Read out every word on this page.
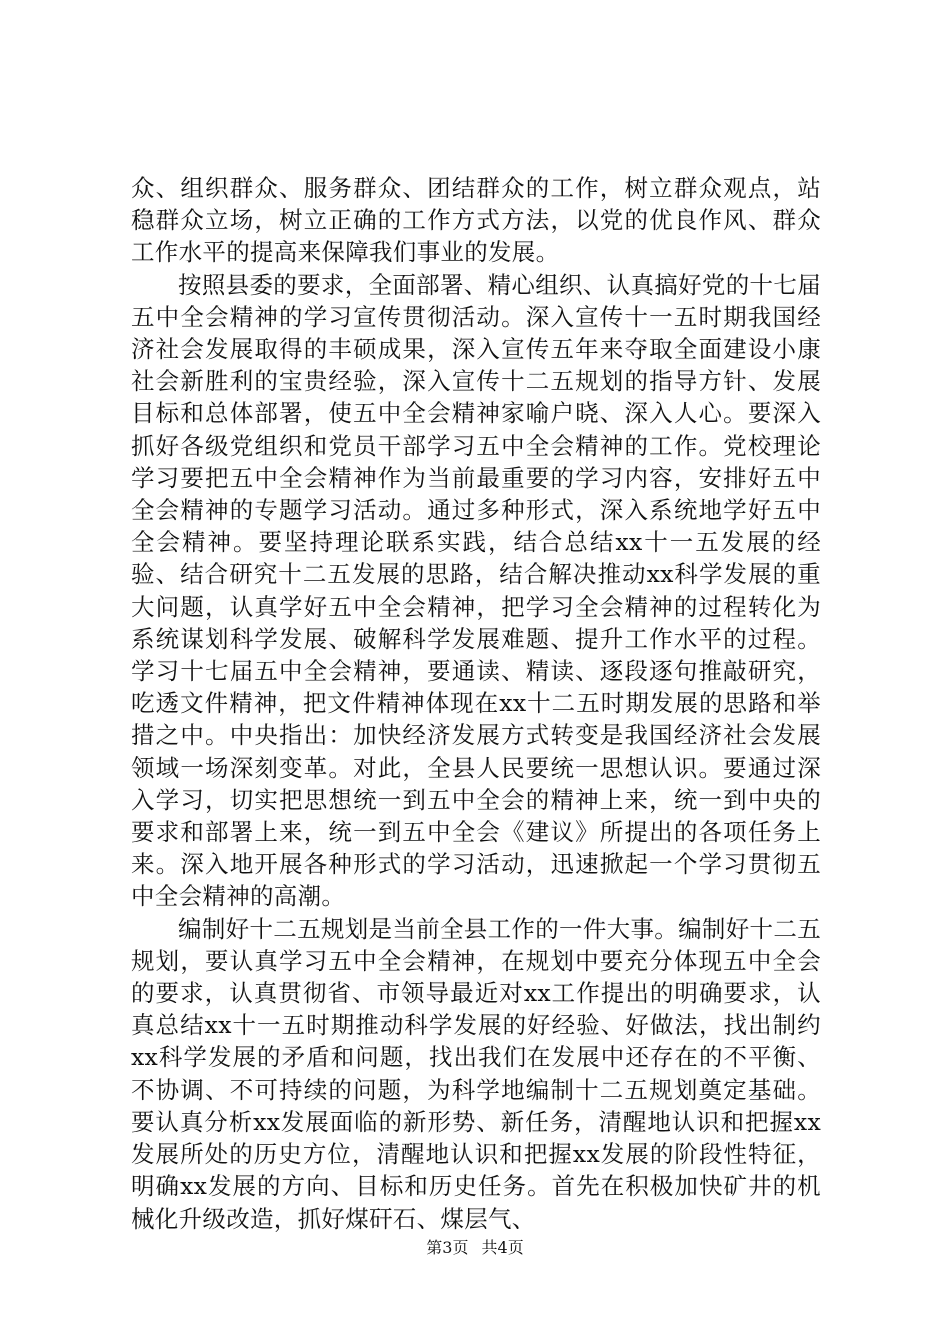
众、组织群众、服务群众、团结群众的工作，树立群众观点，站稳群众立场，树立正确的工作方式方法，以党的优良作风、群众工作水平的提高来保障我们事业的发展。

按照县委的要求，全面部署、精心组织、认真搞好党的十七届五中全会精神的学习宣传贯彻活动。深入宣传十一五时期我国经济社会发展取得的丰硕成果，深入宣传五年来夺取全面建设小康社会新胜利的宝贵经验，深入宣传十二五规划的指导方针、发展目标和总体部署，使五中全会精神家喻户晓、深入人心。要深入抓好各级党组织和党员干部学习五中全会精神的工作。党校理论学习要把五中全会精神作为当前最重要的学习内容，安排好五中全会精神的专题学习活动。通过多种形式，深入系统地学好五中全会精神。要坚持理论联系实践，结合总结xx十一五发展的经验、结合研究十二五发展的思路，结合解决推动xx科学发展的重大问题，认真学好五中全会精神，把学习全会精神的过程转化为系统谋划科学发展、破解科学发展难题、提升工作水平的过程。学习十七届五中全会精神，要通读、精读、逐段逐句推敲研究，吃透文件精神，把文件精神体现在xx十二五时期发展的思路和举措之中。中央指出：加快经济发展方式转变是我国经济社会发展领域一场深刻变革。对此，全县人民要统一思想认识。要通过深入学习，切实把思想统一到五中全会的精神上来，统一到中央的要求和部署上来，统一到五中全会《建议》所提出的各项任务上来。深入地开展各种形式的学习活动，迅速掀起一个学习贯彻五中全会精神的高潮。

编制好十二五规划是当前全县工作的一件大事。编制好十二五规划，要认真学习五中全会精神，在规划中要充分体现五中全会的要求，认真贯彻省、市领导最近对xx工作提出的明确要求，认真总结xx十一五时期推动科学发展的好经验、好做法，找出制约xx科学发展的矛盾和问题，找出我们在发展中还存在的不平衡、不协调、不可持续的问题，为科学地编制十二五规划奠定基础。要认真分析xx发展面临的新形势、新任务，清醒地认识和把握xx发展所处的历史方位，清醒地认识和把握xx发展的阶段性特征，明确xx发展的方向、目标和历史任务。首先在积极加快矿井的机械化升级改造，抓好煤矸石、煤层气、

第3页 共4页
